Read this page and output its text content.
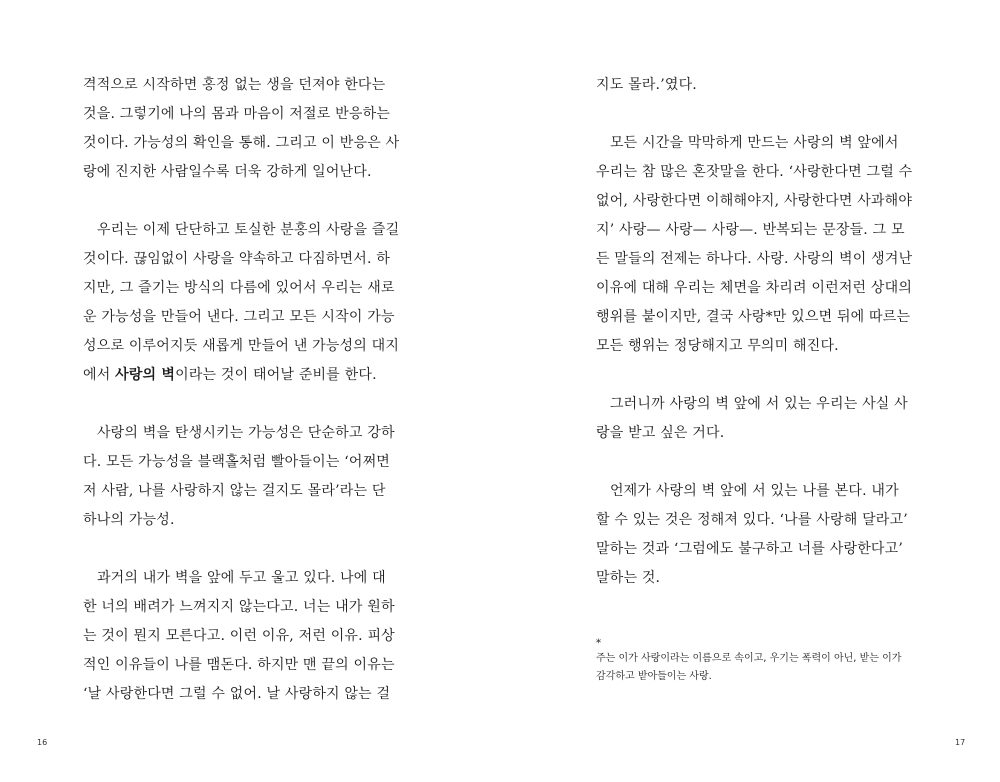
격적으로 시작하면 홍정 없는 생을 던져야 한다는
것을. 그렇기에 나의 몸과 마음이 저절로 반응하는
것이다. 가능성의 확인을 통해. 그리고 이 반응은 사
랑에 진지한 사람일수록 더욱 강하게 일어난다.
우리는 이제 단단하고 토실한 분홍의 사랑을 즐길
것이다. 끊임없이 사랑을 약속하고 다짐하면서. 하
지만, 그 즐기는 방식의 다름에 있어서 우리는 새로
운 가능성을 만들어 낸다. 그리고 모든 시작이 가능
성으로 이루어지듯 새롭게 만들어 낸 가능성의 대지
에서 사랑의 벽이라는 것이 태어날 준비를 한다.
사랑의 벽을 탄생시키는 가능성은 단순하고 강하
다. 모든 가능성을 블랙홀처럼 빨아들이는 ‘어쩌면
저 사람, 나를 사랑하지 않는 걸지도 몰라’라는 단
하나의 가능성.
과거의 내가 벽을 앞에 두고 울고 있다. 나에 대
한 너의 배려가 느껴지지 않는다고. 너는 내가 원하
는 것이 뭔지 모른다고. 이런 이유, 저런 이유. 피상
적인 이유들이 나를 맴돈다. 하지만 맨 끝의 이유는
‘날 사랑한다면 그럴 수 없어. 날 사랑하지 않는 걸
지도 몰라.’였다.
모든 시간을 막막하게 만드는 사랑의 벽 앞에서
우리는 참 많은 혼잣말을 한다. ‘사랑한다면 그럴 수
없어, 사랑한다면 이해해야지, 사랑한다면 사과해야
지’ 사랑— 사랑— 사랑—. 반복되는 문장들. 그 모
든 말들의 전제는 하나다. 사랑. 사랑의 벽이 생겨난
이유에 대해 우리는 체면을 차리려 이런저런 상대의
행위를 붙이지만, 결국 사랑*만 있으면 뒤에 따르는
모든 행위는 정당해지고 무의미 해진다.
그러니까 사랑의 벽 앞에 서 있는 우리는 사실 사
랑을 받고 싶은 거다.
언제가 사랑의 벽 앞에 서 있는 나를 본다. 내가
할 수 있는 것은 정해져 있다. ‘나를 사랑해 달라고’
말하는 것과 ‘그럼에도 불구하고 너를 사랑한다고’
말하는 것.
*
주는 이가 사랑이라는 이름으로 속이고, 우기는 폭력이 아닌, 받는 이가
감각하고 받아들이는 사랑.
16	17
